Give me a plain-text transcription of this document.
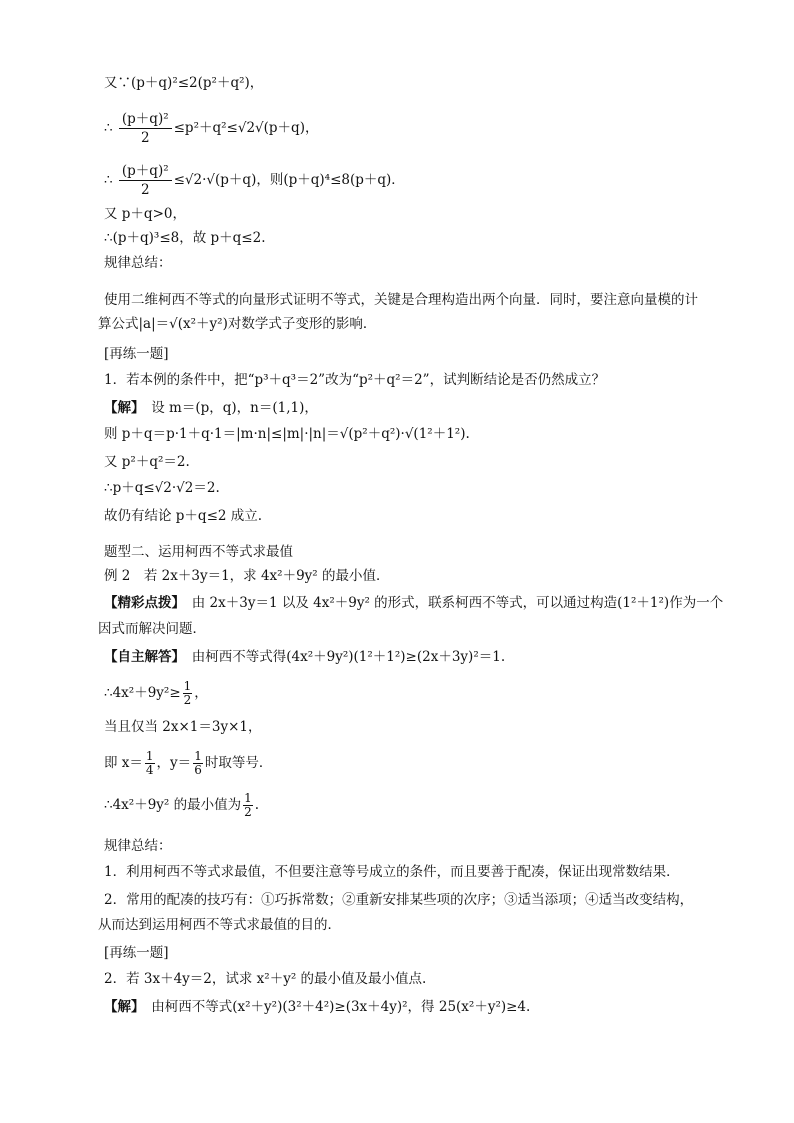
又∵(p＋q)²≤2(p²＋q²)，
∴ $\frac{\text{(p＋q)²}}{2} \le p^2+q^2\le√2√(p+q)$，
∴ $\frac{\text{(p＋q)²}}{2} \le√2\cdot√(p+q)$，则(p＋q)⁴≤8(p＋q)．
又 p＋q>0，
∴(p＋q)³≤8，故 p＋q≤2.
规律总结：
使用二维柯西不等式的向量形式证明不等式，关键是合理构造出两个向量．同时，要注意向量模的计
算公式|a|＝√(x²＋y²)对数学式子变形的影响．
[再练一题]
1．若本例的条件中，把“p³＋q³＝2”改为“p²＋q²＝2”，试判断结论是否仍然成立？
【解】　 设 m＝(p，q)，n＝(1,1)，
则 p＋q＝p·1＋q·1＝|m·n|≤|m|·|n|＝√(p²＋q²)·√(1²＋1²).
又 p²＋q²＝2.
∴p＋q≤√2·√2＝2.
故仍有结论 p＋q≤2 成立.
题型二、运用柯西不等式求最值
例 2　若 2x＋3y＝1，求 4x²＋9y² 的最小值．
【精彩点拨】　 由 2x＋3y＝1 以及 4x²＋9y² 的形式，联系柯西不等式，可以通过构造(1²＋1²)作为一个
因式而解决问题．
【自主解答】　 由柯西不等式得(4x²＋9y²)(1²＋1²)≥(2x＋3y)²＝1.
∴4x²＋9y²≥ $\frac{1}{2}$ ，
当且仅当 2x×1＝3y×1，
即 $x= \frac{1}{4}$ ，$y= \frac{1}{6}$ 时取等号．
∴4x²＋9y² 的最小值为 $\frac{1}{2}$ .
规律总结：
1．利用柯西不等式求最值，不但要注意等号成立的条件，而且要善于配凑，保证出现常数结果．
2．常用的配凑的技巧有：①巧拆常数；②重新安排某些项的次序；③适当添项；④适当改变结构，
从而达到运用柯西不等式求最值的目的．
[再练一题]
2．若 3x＋4y＝2，试求 x²＋y² 的最小值及最小值点.
【解】　 由柯西不等式(x²＋y²)(3²＋4²)≥(3x＋4y)²，得 25(x²＋y²)≥4.
